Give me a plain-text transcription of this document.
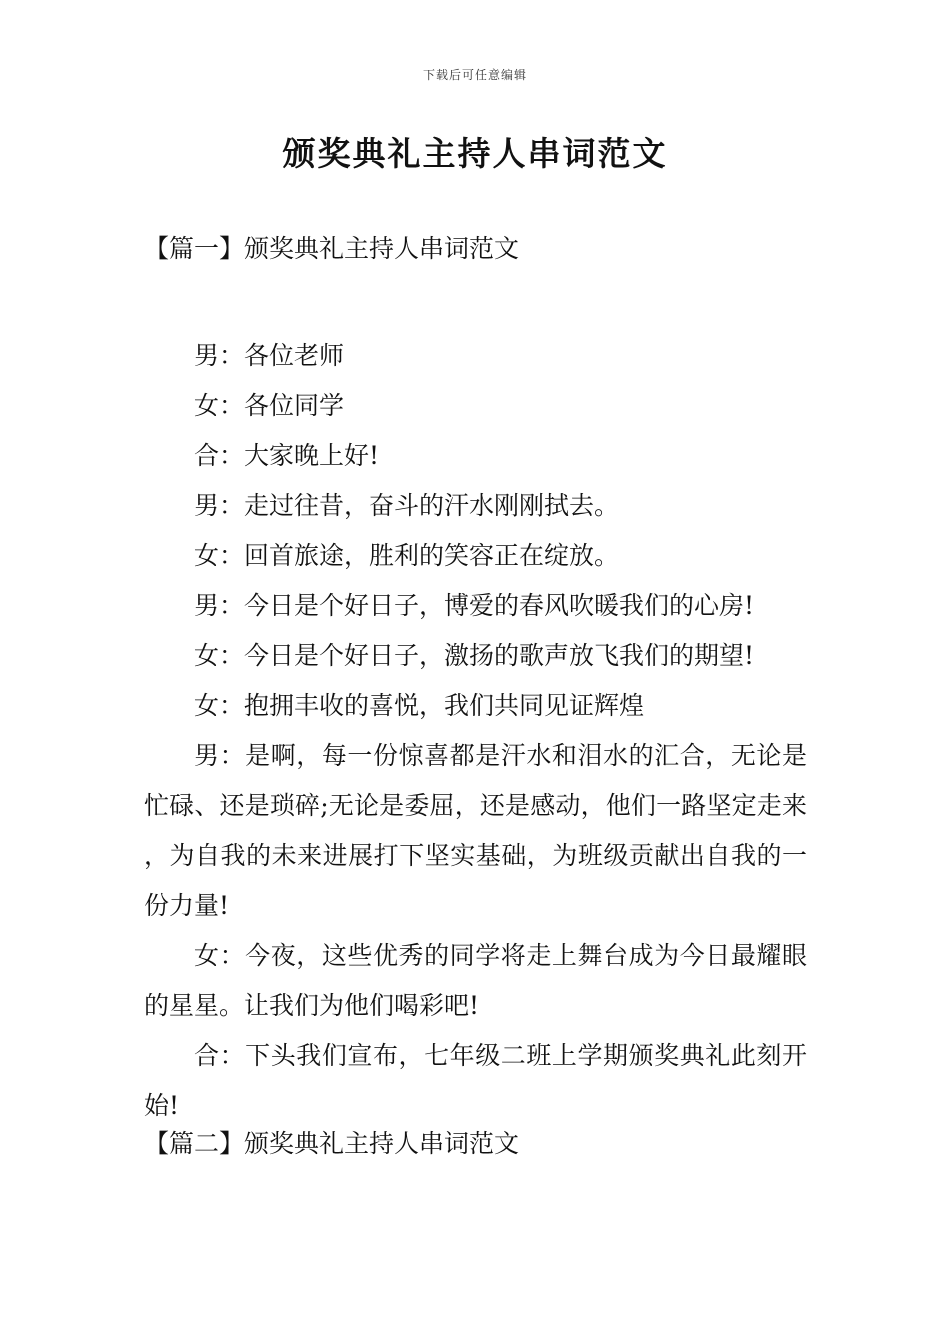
下载后可任意编辑
颁奖典礼主持人串词范文
【篇一】颁奖典礼主持人串词范文

男：各位老师

女：各位同学

合：大家晚上好!

男：走过往昔，奋斗的汗水刚刚拭去。

女：回首旅途，胜利的笑容正在绽放。

男：今日是个好日子，博爱的春风吹暖我们的心房!

女：今日是个好日子，激扬的歌声放飞我们的期望!

女：抱拥丰收的喜悦，我们共同见证辉煌

男：是啊，每一份惊喜都是汗水和泪水的汇合，无论是忙碌、还是琐碎;无论是委屈，还是感动，他们一路坚定走来，为自我的未来进展打下坚实基础，为班级贡献出自我的一份力量!

女：今夜，这些优秀的同学将走上舞台成为今日最耀眼的星星。让我们为他们喝彩吧!

合：下头我们宣布，七年级二班上学期颁奖典礼此刻开始!

【篇二】颁奖典礼主持人串词范文
